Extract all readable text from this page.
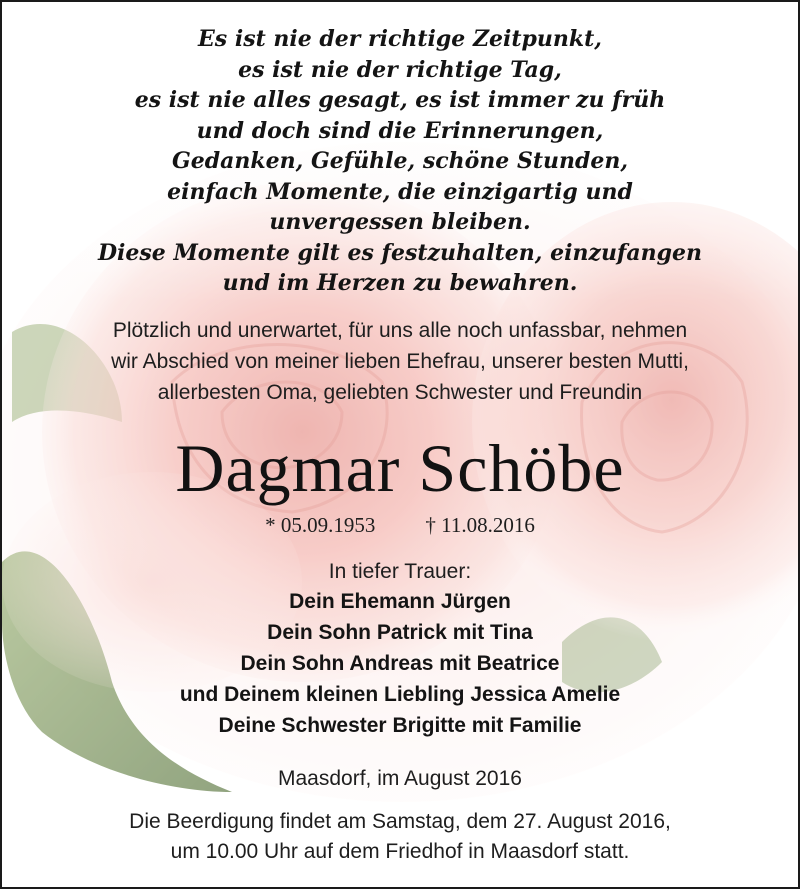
Es ist nie der richtige Zeitpunkt,
es ist nie der richtige Tag,
es ist nie alles gesagt, es ist immer zu früh
und doch sind die Erinnerungen,
Gedanken, Gefühle, schöne Stunden,
einfach Momente, die einzigartig und
unvergessen bleiben.
Diese Momente gilt es festzuhalten, einzufangen
und im Herzen zu bewahren.
Plötzlich und unerwartet, für uns alle noch unfassbar, nehmen
wir Abschied von meiner lieben Ehefrau, unserer besten Mutti,
allerbesten Oma, geliebten Schwester und Freundin
Dagmar Schöbe
* 05.09.1953 † 11.08.2016
In tiefer Trauer:
Dein Ehemann Jürgen
Dein Sohn Patrick mit Tina
Dein Sohn Andreas mit Beatrice
und Deinem kleinen Liebling Jessica Amelie
Deine Schwester Brigitte mit Familie
Maasdorf, im August 2016
Die Beerdigung findet am Samstag, dem 27. August 2016,
um 10.00 Uhr auf dem Friedhof in Maasdorf statt.
